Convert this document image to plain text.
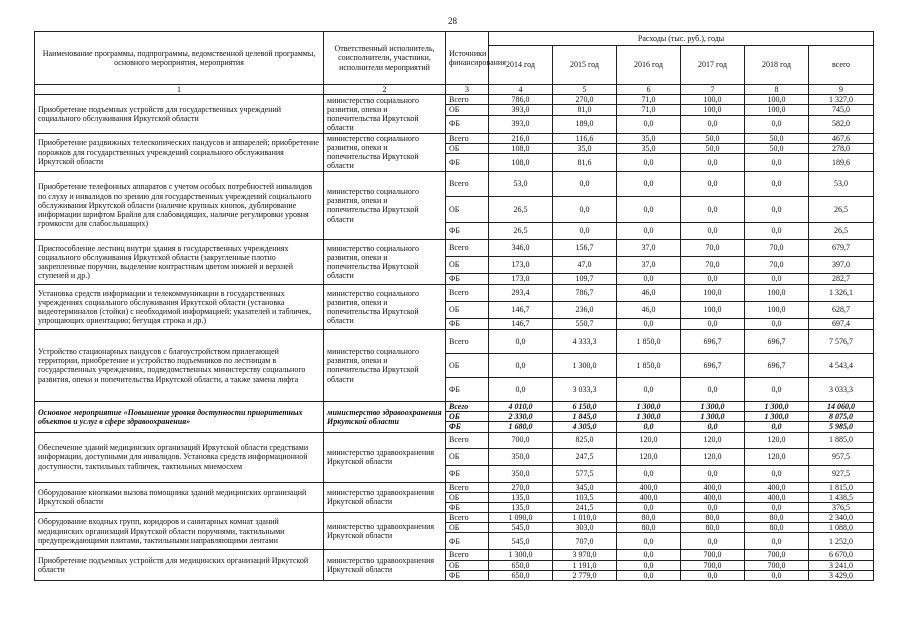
28
Наименование программы, подпрограммы, ведомственной целевой программы, основного мероприятия, мероприятия	Ответственный исполнитель, соисполнители, участники, исполнители мероприятий	Источники финансирования	Расходы (тыс. руб.), годы					
			2014 год	2015 год	2016 год	2017 год	2018 год	всего
1	2	3	4	5	6	7	8	9
Приобретение подъемных устройств для государственных учреждений социального обслуживания Иркутской области	министерство социального развития, опеки и попечительства Иркутской области	Всего	786,0	270,0	71,0	100,0	100,0	1 327,0
		ОБ	393,0	81,0	71,0	100,0	100,0	745,0
		ФБ	393,0	189,0	0,0	0,0	0,0	582,0
Приобретение раздвижных телескопических пандусов и аппарелей; приобретение порожков для государственных учреждений социального обслуживания Иркутской области	министерство социального развития, опеки и попечительства Иркутской области	Всего	216,0	116,6	35,0	50,0	50,0	467,6
		ОБ	108,0	35,0	35,0	50,0	50,0	278,0
		ФБ	108,0	81,6	0,0	0,0	0,0	189,6
Приобретение телефонных аппаратов с учетом особых потребностей инвалидов по слуху и инвалидов по зрению для государственных учреждений социального обслуживания Иркутской области (наличие крупных кнопок, дублирование информации шрифтом Брайля для слабовидящих, наличие регулировки уровня громкости для слабослышащих)	министерство социального развития, опеки и попечительства Иркутской области	Всего	53,0	0,0	0,0	0,0	0,0	53,0
		ОБ	26,5	0,0	0,0	0,0	0,0	26,5
		ФБ	26,5	0,0	0,0	0,0	0,0	26,5
Приспособление лестниц внутри здания в государственных учреждениях социального обслуживания Иркутской области (закругленные плотно закрепленные поручни, выделение контрастным цветом нижней и верхней ступеней и др.)	министерство социального развития, опеки и попечительства Иркутской области	Всего	346,0	156,7	37,0	70,0	70,0	679,7
		ОБ	173,0	47,0	37,0	70,0	70,0	397,0
		ФБ	173,0	109,7	0,0	0,0	0,0	282,7
Установка средств информации и телекоммуникации в государственных учреждениях социального обслуживания Иркутской области (установка видеотерминалов (стойки) с необходимой информацией; указателей и табличек, упрощающих ориентацию; бегущая строка и др.)	министерство социального развития, опеки и попечительства Иркутской области	Всего	293,4	786,7	46,0	100,0	100,0	1 326,1
		ОБ	146,7	236,0	46,0	100,0	100,0	628,7
		ФБ	146,7	550,7	0,0	0,0	0,0	697,4
Устройство стационарных пандусов с благоустройством прилегающей территории, приобретение и устройство подъемников по лестницам в государственных учреждениях, подведомственных министерству социального развития, опеки и попечительства Иркутской области, а также замена лифта	министерство социального развития, опеки и попечительства Иркутской области	Всего	0,0	4 333,3	1 850,0	696,7	696,7	7 576,7
		ОБ	0,0	1 300,0	1 850,0	696,7	696,7	4 543,4
		ФБ	0,0	3 033,3	0,0	0,0	0,0	3 033,3
Основное мероприятие «Повышение уровня доступности приоритетных объектов и услуг в сфере здравоохранения»	министерство здравоохранения Иркутской области	Всего	4 010,0	6 150,0	1 300,0	1 300,0	1 300,0	14 060,0
		ОБ	2 330,0	1 845,0	1 300,0	1 300,0	1 300,0	8 075,0
		ФБ	1 680,0	4 305,0	0,0	0,0	0,0	5 985,0
Обеспечение зданий медицинских организаций Иркутской области средствами информации, доступными для инвалидов. Установка средств информационной доступности, тактильных табличек, тактильных мнемосхем	министерство здравоохранения Иркутской области	Всего	700,0	825,0	120,0	120,0	120,0	1 885,0
		ОБ	350,0	247,5	120,0	120,0	120,0	957,5
		ФБ	350,0	577,5	0,0	0,0	0,0	927,5
Оборудование кнопками вызова помощника зданий медицинских организаций Иркутской области	министерство здравоохранения Иркутской области	Всего	270,0	345,0	400,0	400,0	400,0	1 815,0
		ОБ	135,0	103,5	400,0	400,0	400,0	1 438,5
		ФБ	135,0	241,5	0,0	0,0	0,0	376,5
Оборудование входных групп, коридоров и санитарных комнат зданий медицинских организаций Иркутской области поручнями, тактильными предупреждающими плитами, тактильными направляющими лентами	министерство здравоохранения Иркутской области	Всего	1 090,0	1 010,0	80,0	80,0	80,0	2 340,0
		ОБ	545,0	303,0	80,0	80,0	80,0	1 088,0
		ФБ	545,0	707,0	0,0	0,0	0,0	1 252,0
Приобретение подъемных устройств для медицинских организаций Иркутской области	министерство здравоохранения Иркутской области	Всего	1 300,0	3 970,0	0,0	700,0	700,0	6 670,0
		ОБ	650,0	1 191,0	0,0	700,0	700,0	3 241,0
		ФБ	650,0	2 779,0	0,0	0,0	0,0	3 429,0
